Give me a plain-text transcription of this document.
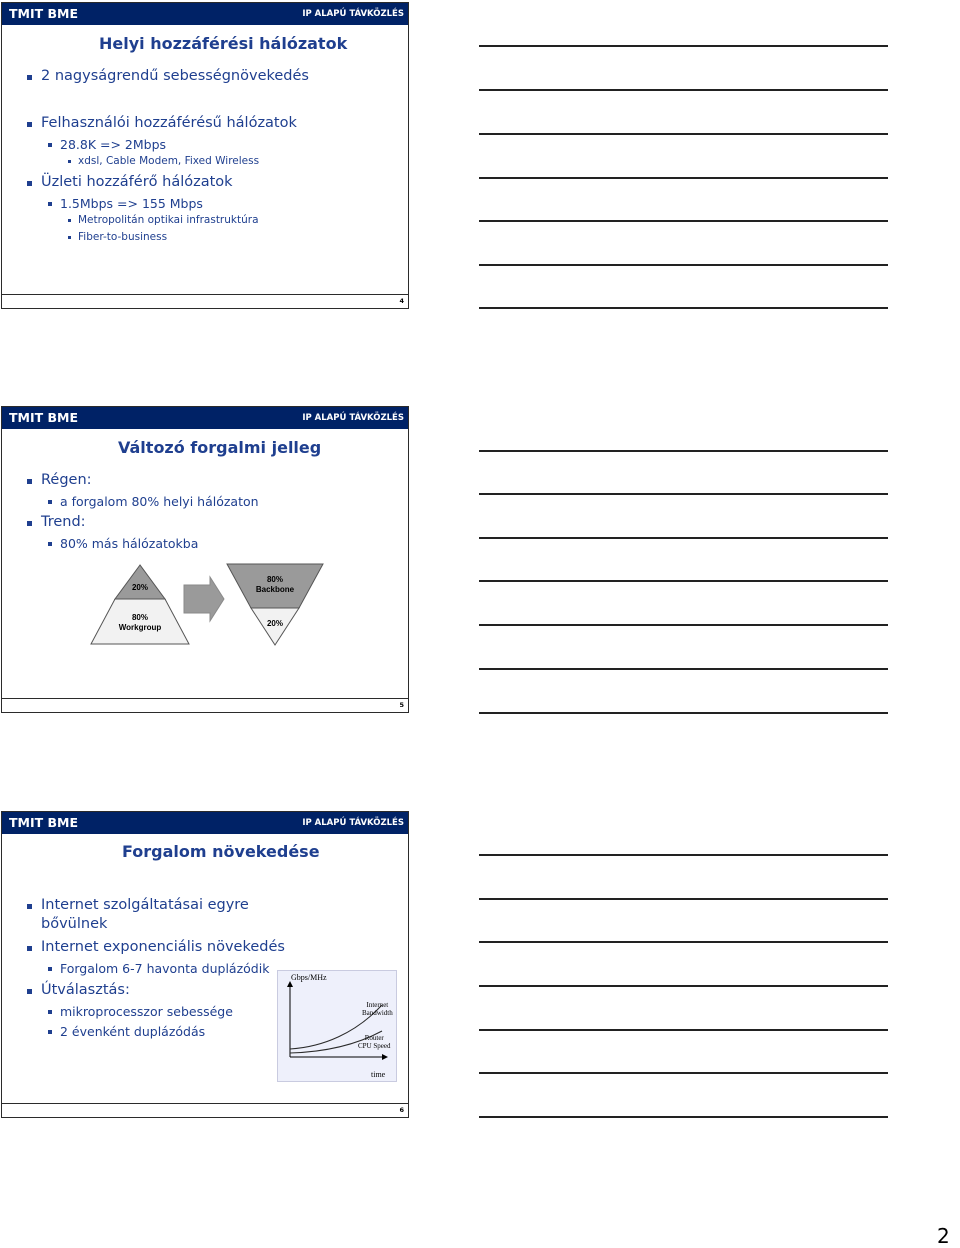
TMIT BME	IP ALAPÚ TÁVKÖZLÉS
Helyi hozzáférési hálózatok
2 nagyságrendű sebességnövekedés
Felhasználói hozzáférésű hálózatok
28.8K => 2Mbps
xdsl, Cable Modem, Fixed Wireless
Üzleti hozzáférő hálózatok
1.5Mbps => 155 Mbps
Metropolitán optikai infrastruktúra
Fiber-to-business
4
TMIT BME	IP ALAPÚ TÁVKÖZLÉS
Változó forgalmi jelleg
Régen:
a forgalom 80% helyi hálózaton
Trend:
80% más hálózatokba
20%
80%
Workgroup
80%
Backbone
20%
5
TMIT BME	IP ALAPÚ TÁVKÖZLÉS
Forgalom növekedése
Internet szolgáltatásai egyre
bővülnek
Internet exponenciális növekedés
Forgalom 6-7 havonta duplázódik
Útválasztás:
mikroprocesszor sebessége
2 évenként duplázódás
Gbps/MHz
Internet
Bandwidth
Router
CPU Speed
time
6
2
